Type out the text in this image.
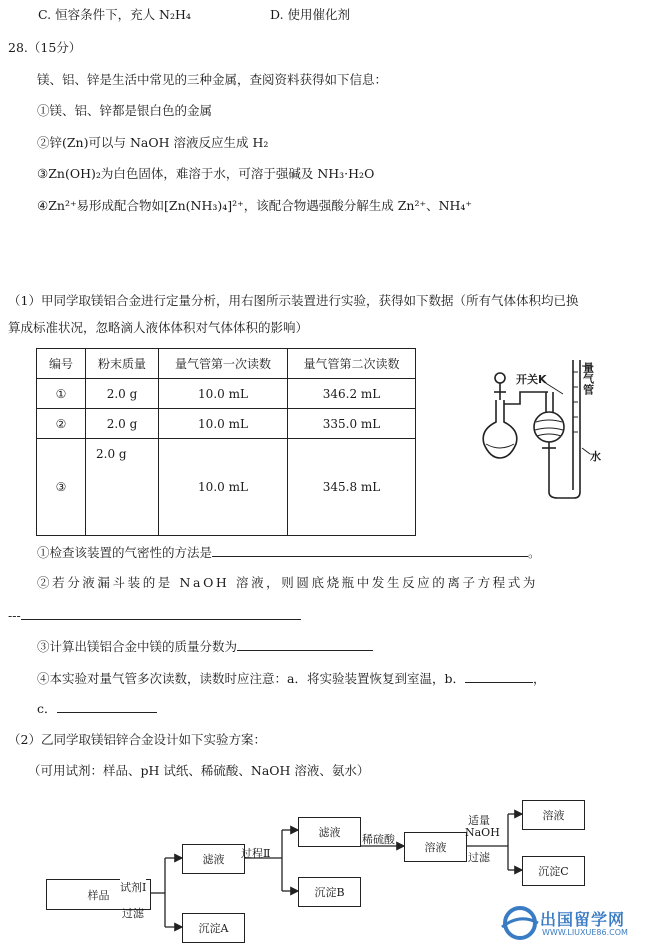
C. 恒容条件下，充人 N₂H₄	D. 使用催化剂
28.（15分）
镁、铝、锌是生活中常见的三种金属，查阅资料获得如下信息：
①镁、铝、锌都是银白色的金属
②锌(Zn)可以与 NaOH 溶液反应生成 H₂
③Zn(OH)₂为白色固体，难溶于水，可溶于强碱及 NH₃·H₂O
④Zn²⁺易形成配合物如[Zn(NH₃)₄]²⁺，该配合物遇强酸分解生成 Zn²⁺、NH₄⁺
（1）甲同学取镁铝合金进行定量分析，用右图所示装置进行实验，获得如下数据（所有气体体积均已换
算成标准状况，忽略滴人液体体积对气体体积的影响）
编号	粉末质量	量气管第一次读数	量气管第二次读数
①	2.0 g	10.0 mL	346.2 mL
②	2.0 g	10.0 mL	335.0 mL
③	2.0 g	10.0 mL	345.8 mL
开关K	量气管
水
①检查该装置的气密性的方法是	。
②若分液漏斗装的是 NaOH 溶液，则圆底烧瓶中发生反应的离子方程式为
---
③计算出镁铝合金中镁的质量分数为
④本实验对量气管多次读数，读数时应注意：a．将实验装置恢复到室温，b．	，
c．
（2）乙同学取镁铝锌合金设计如下实验方案：
（可用试剂：样品、pH 试纸、稀硫酸、NaOH 溶液、氨水）
样品
滤液
沉淀A
滤液
沉淀B
溶液
溶液
沉淀C
试剂Ⅰ
过滤
过程Ⅱ
稀硫酸
适量
NaOH
过滤
出国留学网
WWW.LIUXUE86.COM
